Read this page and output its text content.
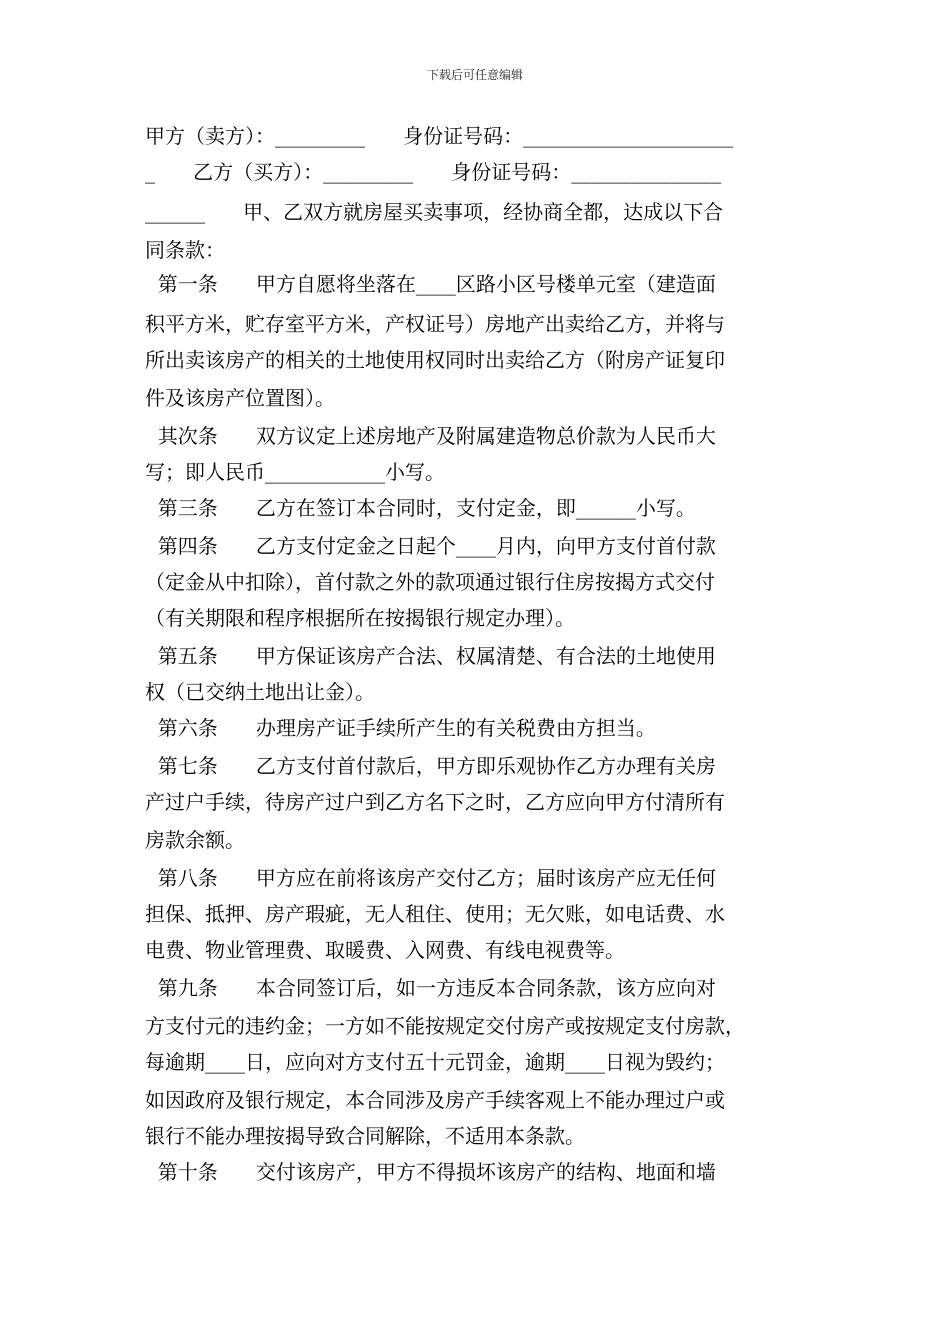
下载后可任意编辑
甲方（卖方）：_________      身份证号码：_____________________
_      乙方（买方）：_________      身份证号码：_______________
______      甲、乙双方就房屋买卖事项，经协商全都，达成以下合
同条款：
第一条      甲方自愿将坐落在____区路小区号楼单元室（建造面
积平方米，贮存室平方米，产权证号）房地产出卖给乙方，并将与
所出卖该房产的相关的土地使用权同时出卖给乙方（附房产证复印
件及该房产位置图）。
其次条      双方议定上述房地产及附属建造物总价款为人民币大
写；即人民币____________小写。
第三条      乙方在签订本合同时，支付定金，即______小写。
第四条      乙方支付定金之日起个____月内，向甲方支付首付款
（定金从中扣除），首付款之外的款项通过银行住房按揭方式交付
（有关期限和程序根据所在按揭银行规定办理）。
第五条      甲方保证该房产合法、权属清楚、有合法的土地使用
权（已交纳土地出让金）。
第六条      办理房产证手续所产生的有关税费由方担当。
第七条      乙方支付首付款后，甲方即乐观协作乙方办理有关房
产过户手续，待房产过户到乙方名下之时，乙方应向甲方付清所有
房款余额。
第八条      甲方应在前将该房产交付乙方；届时该房产应无任何
担保、抵押、房产瑕疵，无人租住、使用；无欠账，如电话费、水
电费、物业管理费、取暖费、入网费、有线电视费等。
第九条      本合同签订后，如一方违反本合同条款，该方应向对
方支付元的违约金；一方如不能按规定交付房产或按规定支付房款，
每逾期____日，应向对方支付五十元罚金，逾期____日视为毁约；
如因政府及银行规定，本合同涉及房产手续客观上不能办理过户或
银行不能办理按揭导致合同解除，不适用本条款。
第十条      交付该房产，甲方不得损坏该房产的结构、地面和墙
